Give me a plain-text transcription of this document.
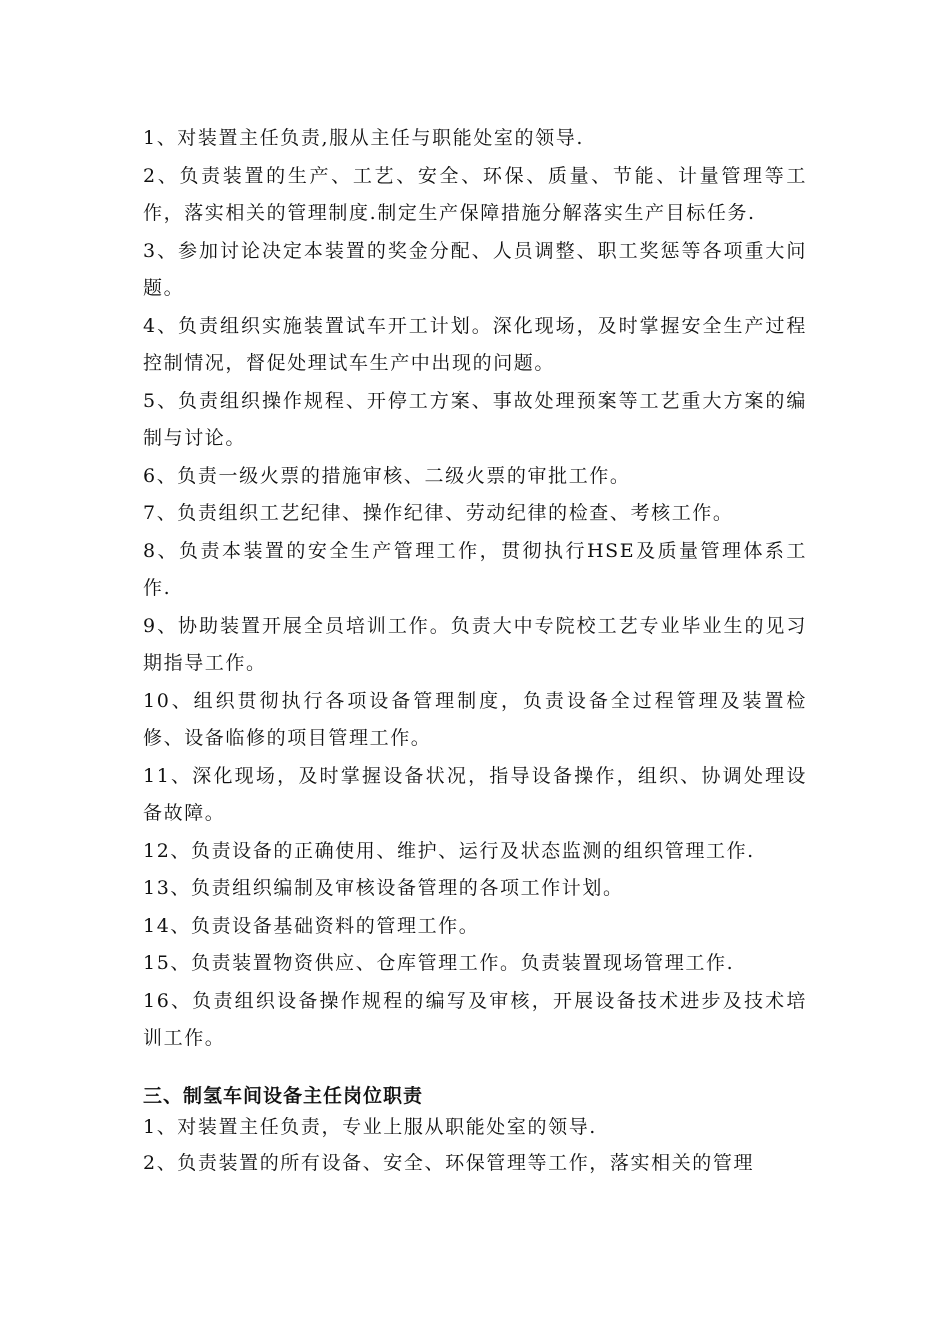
1、对装置主任负责,服从主任与职能处室的领导.

2、负责装置的生产、工艺、安全、环保、质量、节能、计量管理等工作，落实相关的管理制度.制定生产保障措施分解落实生产目标任务.

3、参加讨论决定本装置的奖金分配、人员调整、职工奖惩等各项重大问题。

4、负责组织实施装置试车开工计划。深化现场，及时掌握安全生产过程控制情况，督促处理试车生产中出现的问题。

5、负责组织操作规程、开停工方案、事故处理预案等工艺重大方案的编制与讨论。

6、负责一级火票的措施审核、二级火票的审批工作。

7、负责组织工艺纪律、操作纪律、劳动纪律的检查、考核工作。

8、负责本装置的安全生产管理工作，贯彻执行HSE及质量管理体系工作.

9、协助装置开展全员培训工作。负责大中专院校工艺专业毕业生的见习期指导工作。

10、组织贯彻执行各项设备管理制度，负责设备全过程管理及装置检修、设备临修的项目管理工作。

11、深化现场，及时掌握设备状况，指导设备操作，组织、协调处理设备故障。

12、负责设备的正确使用、维护、运行及状态监测的组织管理工作.

13、负责组织编制及审核设备管理的各项工作计划。

14、负责设备基础资料的管理工作。

15、负责装置物资供应、仓库管理工作。负责装置现场管理工作.

16、负责组织设备操作规程的编写及审核，开展设备技术进步及技术培训工作。

三、制氢车间设备主任岗位职责

1、对装置主任负责，专业上服从职能处室的领导.

2、负责装置的所有设备、安全、环保管理等工作，落实相关的管理
